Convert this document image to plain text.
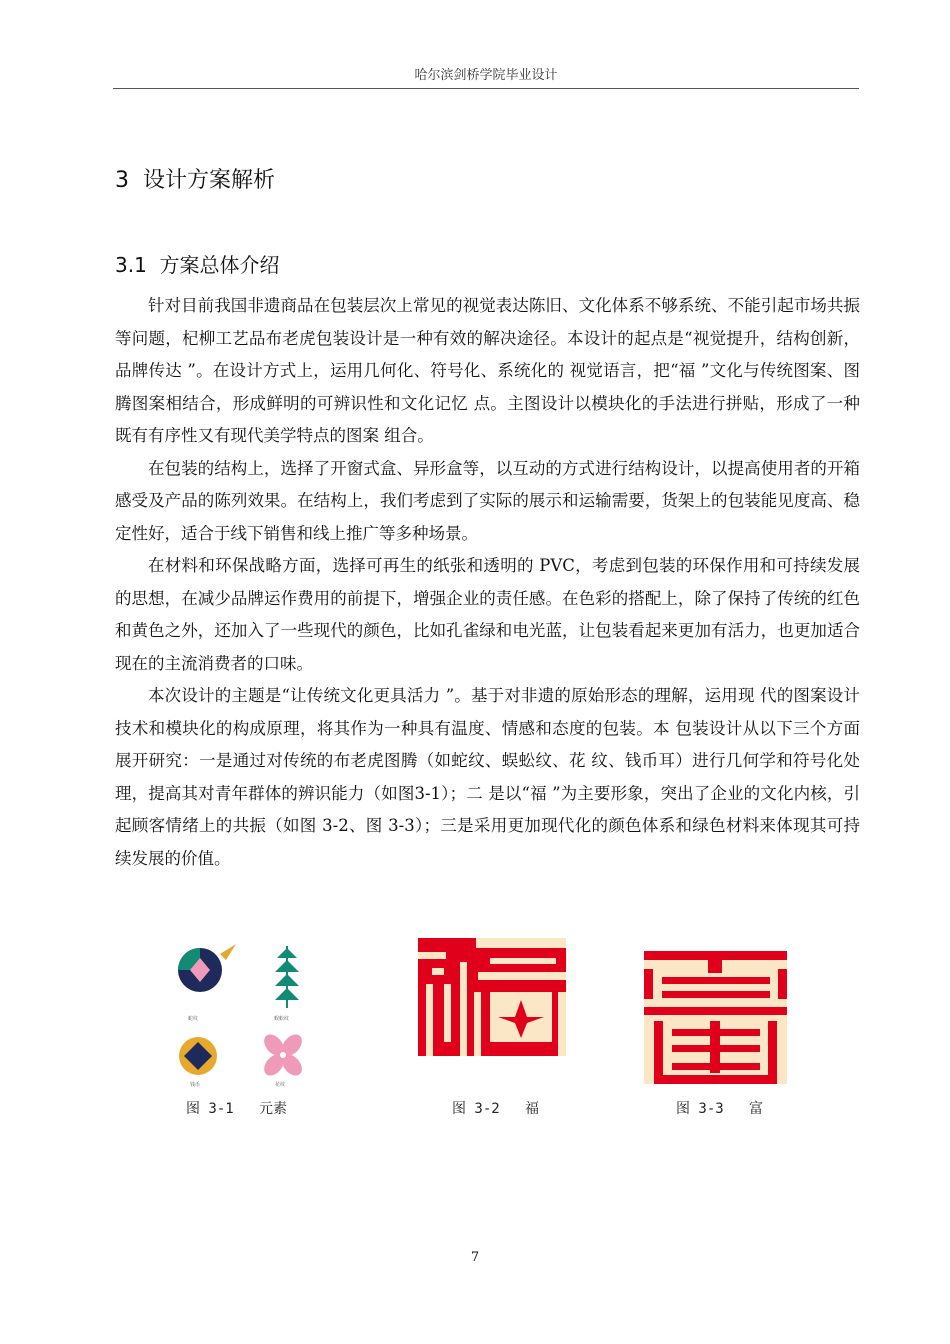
哈尔滨剑桥学院毕业设计
3 设计方案解析
3.1 方案总体介绍

针对目前我国非遗商品在包装层次上常见的视觉表达陈旧、文化体系不够系统、不能引起市场共振等问题，杞柳工艺品布老虎包装设计是一种有效的解决途径。本设计的起点是“视觉提升，结构创新，品牌传达 ”。在设计方式上，运用几何化、符号化、系统化的 视觉语言，把“福 ”文化与传统图案、图腾图案相结合，形成鲜明的可辨识性和文化记忆 点。主图设计以模块化的手法进行拼贴，形成了一种既有有序性又有现代美学特点的图案 组合。

在包装的结构上，选择了开窗式盒、异形盒等，以互动的方式进行结构设计，以提高使用者的开箱感受及产品的陈列效果。在结构上，我们考虑到了实际的展示和运输需要，货架上的包装能见度高、稳定性好，适合于线下销售和线上推广等多种场景。

在材料和环保战略方面，选择可再生的纸张和透明的 PVC，考虑到包装的环保作用和可持续发展的思想，在减少品牌运作费用的前提下，增强企业的责任感。在色彩的搭配上，除了保持了传统的红色和黄色之外，还加入了一些现代的颜色，比如孔雀绿和电光蓝，让包装看起来更加有活力，也更加适合现在的主流消费者的口味。

本次设计的主题是“让传统文化更具活力 ”。基于对非遗的原始形态的理解，运用现 代的图案设计技术和模块化的构成原理，将其作为一种具有温度、情感和态度的包装。本 包装设计从以下三个方面展开研究：一是通过对传统的布老虎图腾（如蛇纹、蜈蚣纹、花 纹、钱币耳）进行几何学和符号化处理，提高其对青年群体的辨识能力（如图3-1）；二 是以“福 ”为主要形象，突出了企业的文化内核，引起顾客情绪上的共振（如图 3-2、图 3-3）；三是采用更加现代化的颜色体系和绿色材料来体现其可持续发展的价值。

蛇纹	蜈蚣纹
钱币	花纹
图 3-1   元素	图 3-2   福	图 3-3   富
7
